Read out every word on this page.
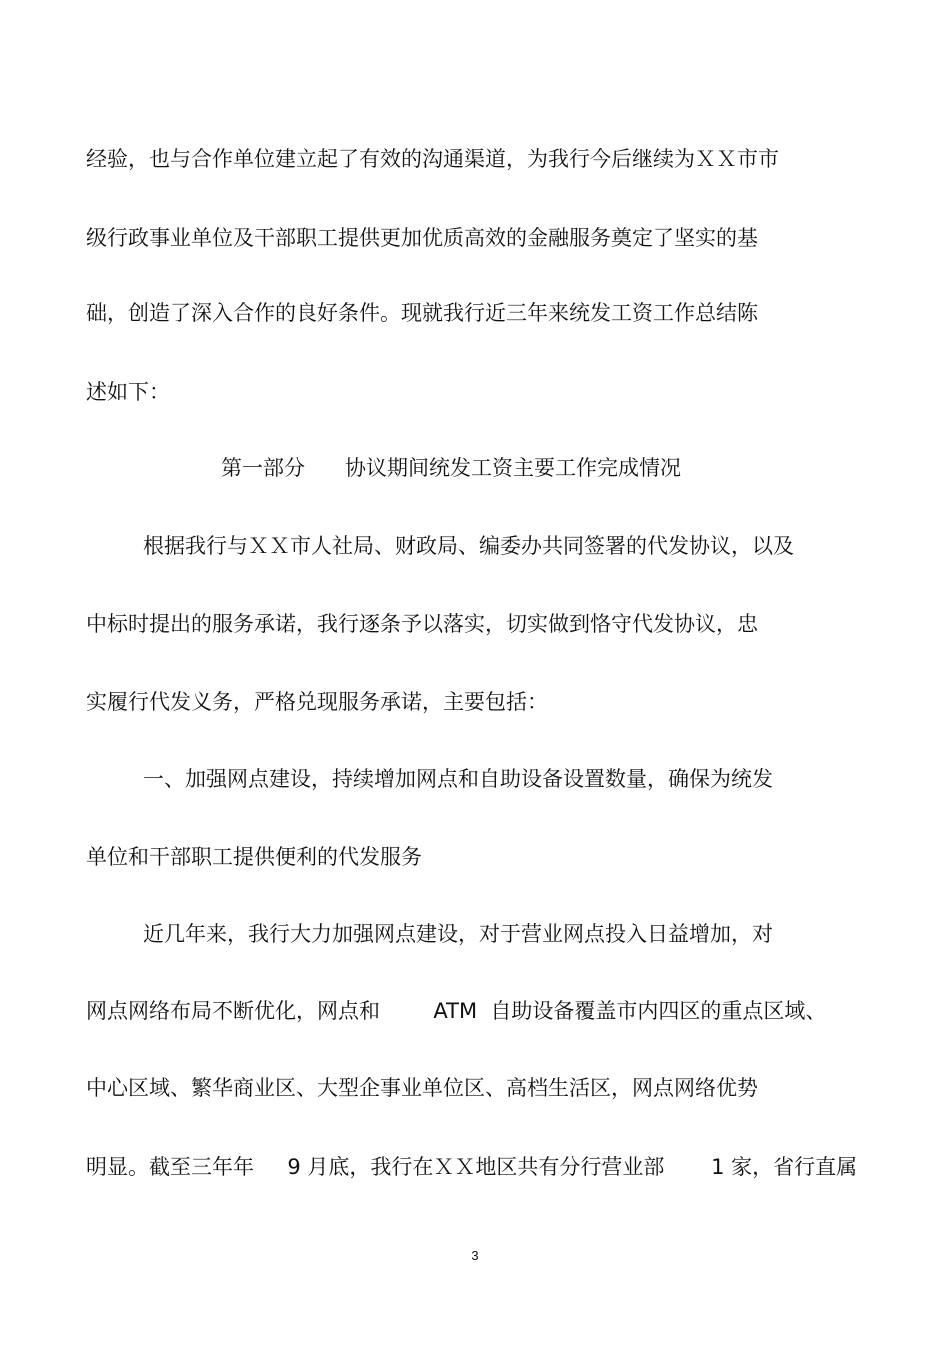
经验，也与合作单位建立起了有效的沟通渠道，为我行今后继续为ＸＸ市市
级行政事业单位及干部职工提供更加优质高效的金融服务奠定了坚实的基
础，创造了深入合作的良好条件。现就我行近三年来统发工资工作总结陈
述如下：
第一部分      协议期间统发工资主要工作完成情况
根据我行与ＸＸ市人社局、财政局、编委办共同签署的代发协议，以及
中标时提出的服务承诺，我行逐条予以落实，切实做到恪守代发协议，忠
实履行代发义务，严格兑现服务承诺，主要包括：
一、加强网点建设，持续增加网点和自助设备设置数量，确保为统发
单位和干部职工提供便利的代发服务
近几年来，我行大力加强网点建设，对于营业网点投入日益增加，对
网点网络布局不断优化，网点和        ATM  自助设备覆盖市内四区的重点区域、
中心区域、繁华商业区、大型企事业单位区、高档生活区，网点网络优势
明显。截至三年年     9 月底，我行在ＸＸ地区共有分行营业部       1 家，省行直属
3
